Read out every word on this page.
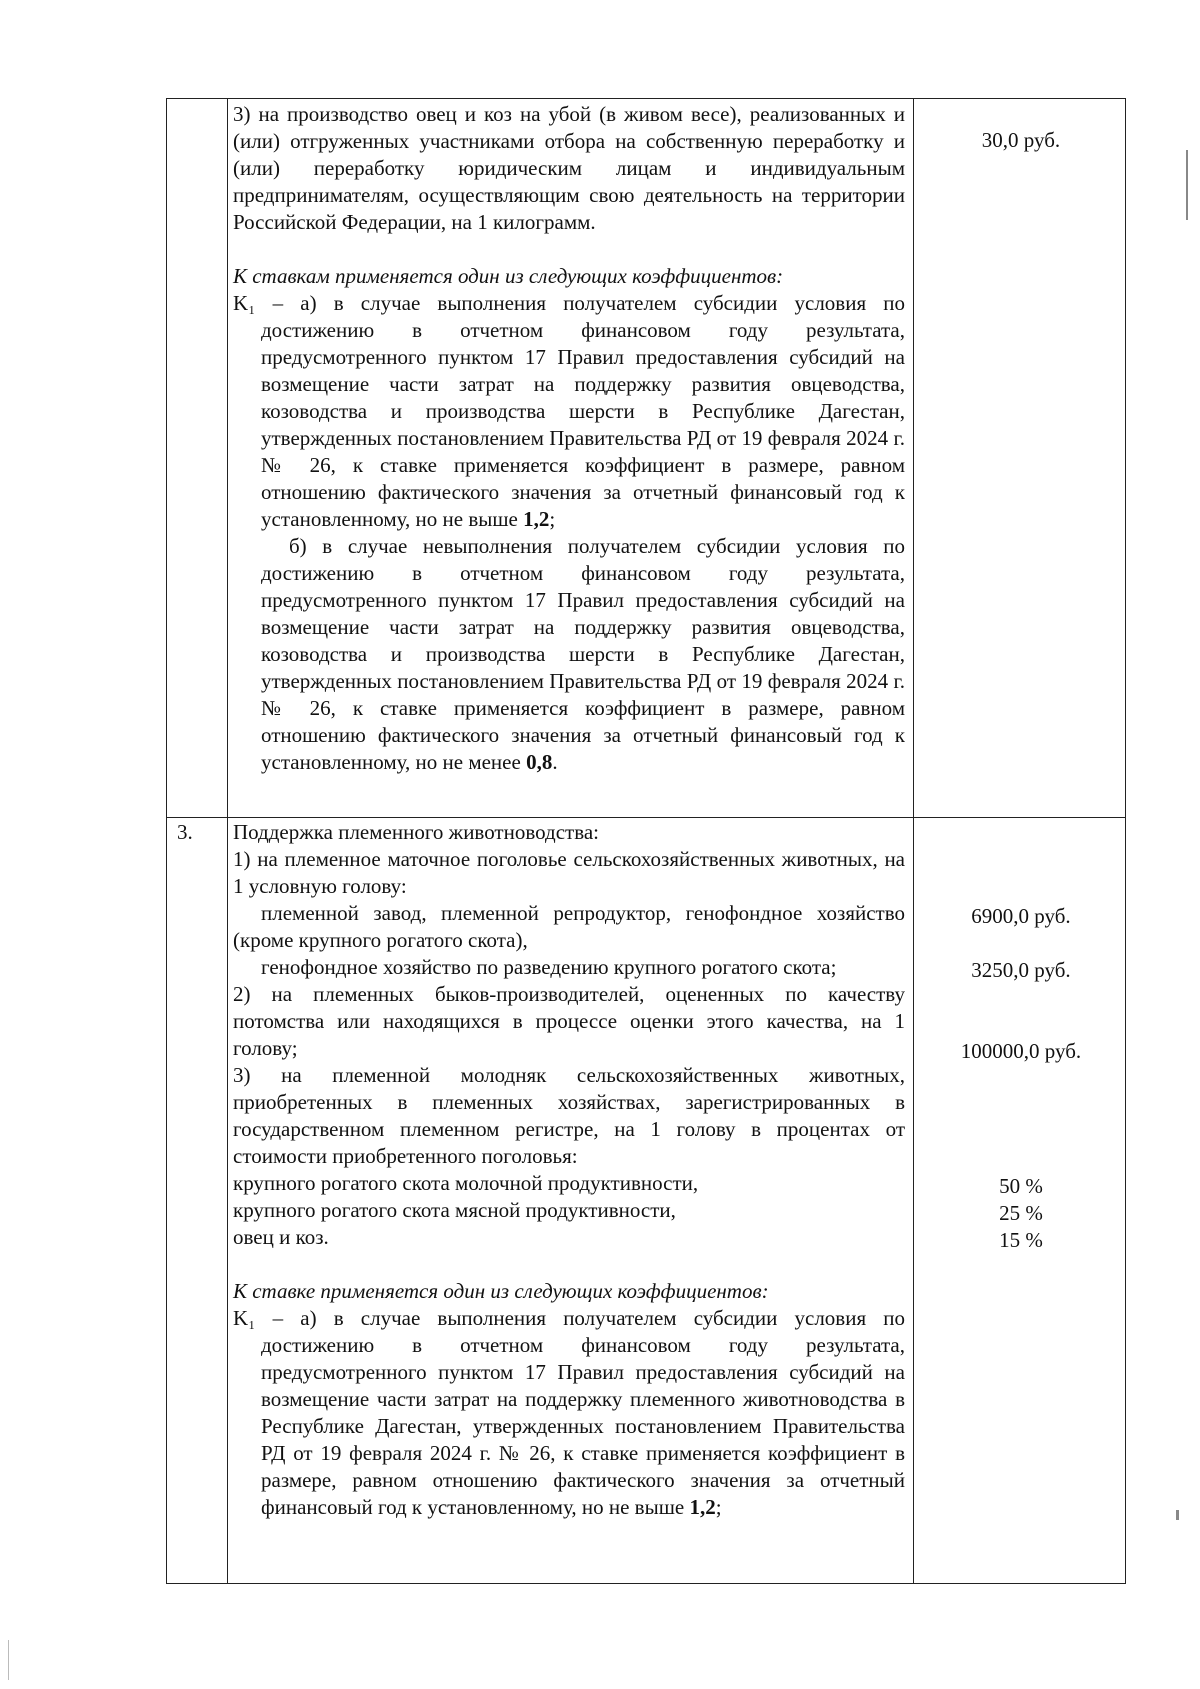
3) на производство овец и коз на убой (в живом весе), реализованных и (или) отгруженных участниками отбора на собственную переработку и (или) переработку юридическим лицам и индивидуальным предпринимателям, осуществляющим свою деятельность на территории Российской Федерации, на 1 килограмм.

К ставкам применяется один из следующих коэффициентов:

K₁ – а) в случае выполнения получателем субсидии условия по достижению в отчетном финансовом году результата, предусмотренного пунктом 17 Правил предоставления субсидий на возмещение части затрат на поддержку развития овцеводства, козоводства и производства шерсти в Республике Дагестан, утвержденных постановлением Правительства РД от 19 февраля 2024 г. № 26, к ставке применяется коэффициент в размере, равном отношению фактического значения за отчетный финансовый год к установленному, но не выше 1,2;

б) в случае невыполнения получателем субсидии условия по достижению в отчетном финансовом году результата, предусмотренного пунктом 17 Правил предоставления субсидий на возмещение части затрат на поддержку развития овцеводства, козоводства и производства шерсти в Республике Дагестан, утвержденных постановлением Правительства РД от 19 февраля 2024 г. № 26, к ставке применяется коэффициент в размере, равном отношению фактического значения за отчетный финансовый год к установленному, но не менее 0,8.

30,0 руб.
3. Поддержка племенного животноводства:

1) на племенное маточное поголовье сельскохозяйственных животных, на 1 условную голову:

племенной завод, племенной репродуктор, генофондное хозяйство (кроме крупного рогатого скота),

генофондное хозяйство по разведению крупного рогатого скота;

2) на племенных быков-производителей, оцененных по качеству потомства или находящихся в процессе оценки этого качества, на 1 голову;

3) на племенной молодняк сельскохозяйственных животных, приобретенных в племенных хозяйствах, зарегистрированных в государственном племенном регистре, на 1 голову в процентах от стоимости приобретенного поголовья:

крупного рогатого скота молочной продуктивности,

крупного рогатого скота мясной продуктивности,

овец и коз.

К ставке применяется один из следующих коэффициентов:

K₁ – а) в случае выполнения получателем субсидии условия по достижению в отчетном финансовом году результата, предусмотренного пунктом 17 Правил предоставления субсидий на возмещение части затрат на поддержку племенного животноводства в Республике Дагестан, утвержденных постановлением Правительства РД от 19 февраля 2024 г. № 26, к ставке применяется коэффициент в размере, равном отношению фактического значения за отчетный финансовый год к установленному, но не выше 1,2;

6900,0 руб.
3250,0 руб.
100000,0 руб.
50 %
25 %
15 %
